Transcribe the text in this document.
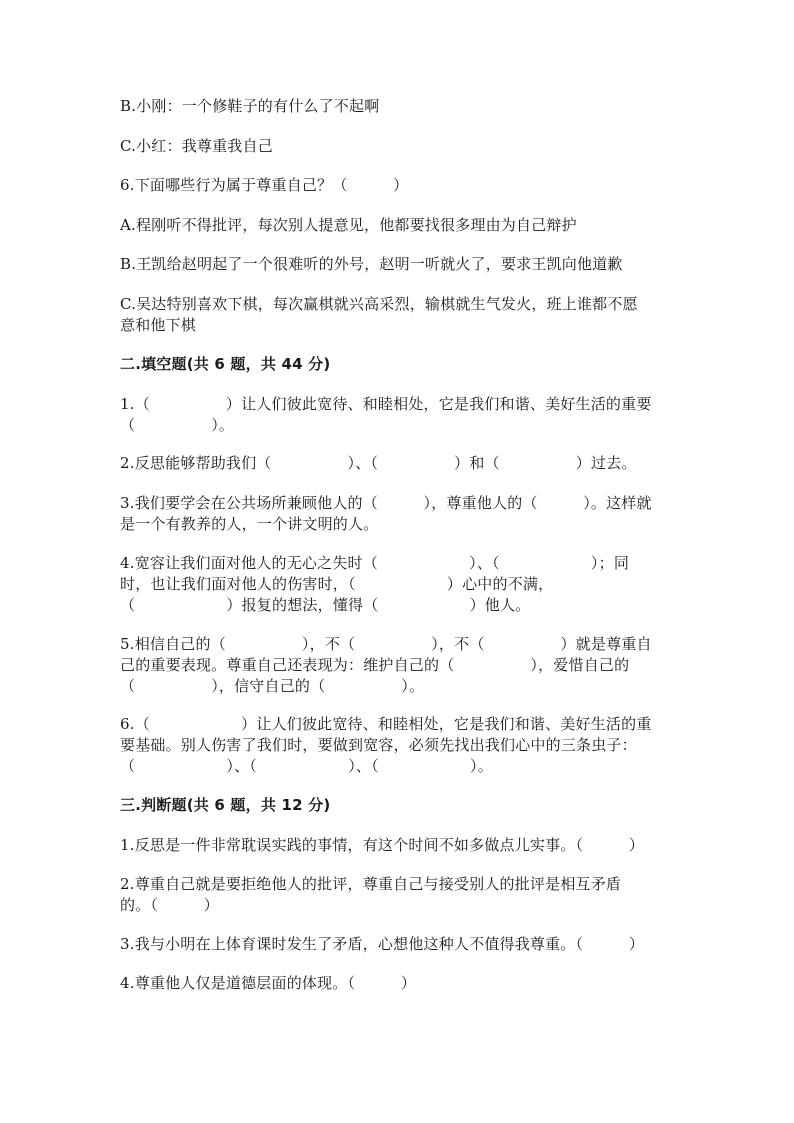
B.小刚：一个修鞋子的有什么了不起啊
C.小红：我尊重我自己
6.下面哪些行为属于尊重自己？（　　　）
A.程刚听不得批评，每次别人提意见，他都要找很多理由为自己辩护
B.王凯给赵明起了一个很难听的外号，赵明一听就火了，要求王凯向他道歉
C.吴达特别喜欢下棋，每次赢棋就兴高采烈，输棋就生气发火，班上谁都不愿
意和他下棋
二.填空题(共 6 题，共 44 分)
1.（　　　　　）让人们彼此宽待、和睦相处，它是我们和谐、美好生活的重要
（　　　　　）。
2.反思能够帮助我们（　　　　　）、（　　　　　）和（　　　　　）过去。
3.我们要学会在公共场所兼顾他人的（　　　），尊重他人的（　　　）。这样就
是一个有教养的人，一个讲文明的人。
4.宽容让我们面对他人的无心之失时（　　　　　　）、（　　　　　　）；同
时，也让我们面对他人的伤害时，（　　　　　　）心中的不满，
（　　　　　　）报复的想法，懂得（　　　　　　）他人。
5.相信自己的（　　　　　），不（　　　　　），不（　　　　　）就是尊重自
己的重要表现。尊重自己还表现为：维护自己的（　　　　　），爱惜自己的
（　　　　　），信守自己的（　　　　　）。
6.（　　　　　　）让人们彼此宽待、和睦相处，它是我们和谐、美好生活的重
要基础。别人伤害了我们时，要做到宽容，必须先找出我们心中的三条虫子：
（　　　　　　）、（　　　　　　）、（　　　　　　）。
三.判断题(共 6 题，共 12 分)
1.反思是一件非常耽误实践的事情，有这个时间不如多做点儿实事。（　　　）
2.尊重自己就是要拒绝他人的批评，尊重自己与接受别人的批评是相互矛盾
的。（　　　）
3.我与小明在上体育课时发生了矛盾，心想他这种人不值得我尊重。（　　　）
4.尊重他人仅是道德层面的体现。（　　　）
